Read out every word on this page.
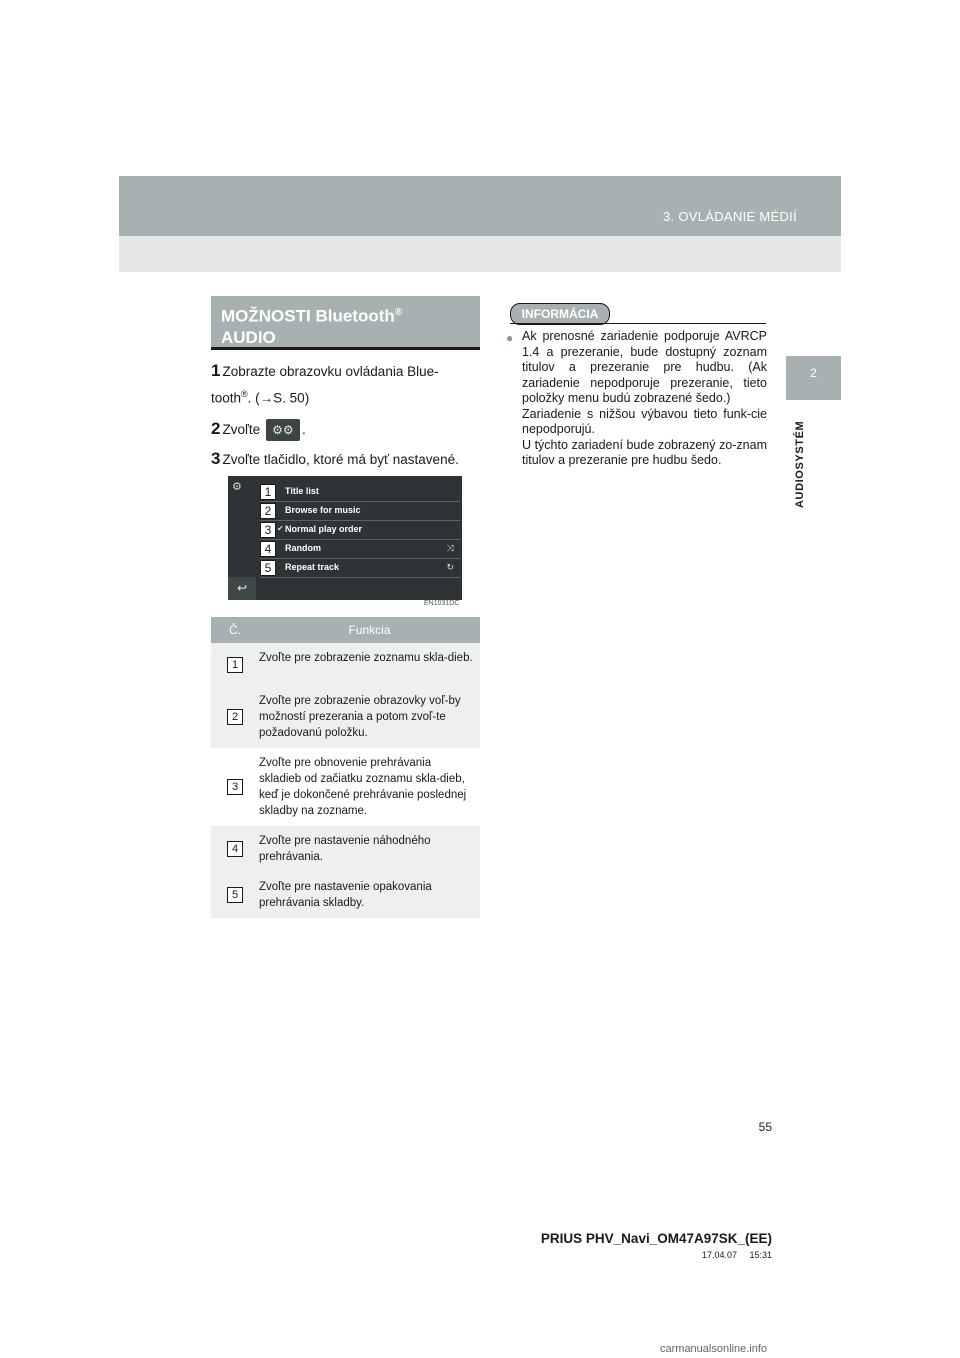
3. OVLÁDANIE MÉDIÍ
2
AUDIOSYSTÉM
MOŽNOSTI Bluetooth®
AUDIO
1 Zobrazte obrazovku ovládania Blue-
tooth®. (→S. 50)
2 Zvoľte ⚙⚙ .
3 Zvoľte tlačidlo, ktoré má byť nastavené.
⚙	1	Title list
2	Browse for music
3 ✔ Normal play order
4	Random	⤨
5	Repeat track	↻
↩
EN1031DC
Č.	Funkcia
1	Zvoľte pre zobrazenie zoznamu skla-dieb.
2	Zvoľte pre zobrazenie obrazovky voľ-by možností prezerania a potom zvoľ-te požadovanú položku.
3	Zvoľte pre obnovenie prehrávania skladieb od začiatku zoznamu skla-dieb, keď je dokončené prehrávanie poslednej skladby na zozname.
4	Zvoľte pre nastavenie náhodného prehrávania.
5	Zvoľte pre nastavenie opakovania prehrávania skladby.
INFORMÁCIA
● Ak prenosné zariadenie podporuje AVRCP 1.4 a prezeranie, bude dostupný zoznam titulov a prezeranie pre hudbu. (Ak zariadenie nepodporuje prezeranie, tieto položky menu budú zobrazené šedo.)

Zariadenie s nižšou výbavou tieto funk-cie nepodporujú.

U týchto zariadení bude zobrazený zo-znam titulov a prezeranie pre hudbu šedo.

55
PRIUS PHV_Navi_OM47A97SK_(EE)
17.04.07     15:31
carmanualsonline.info
